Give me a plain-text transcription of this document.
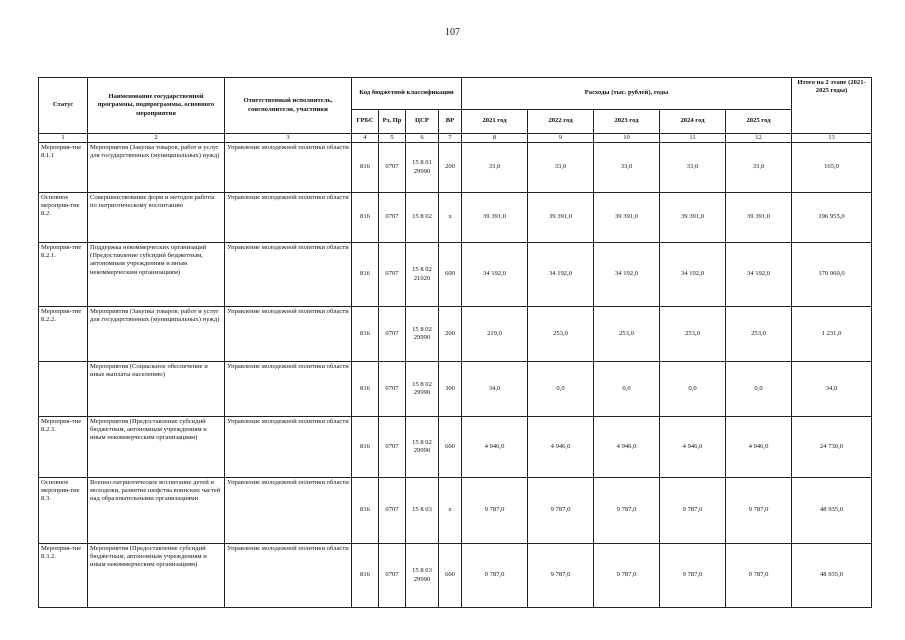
107
Статус	Наименование государственной программы, подпрограммы, основного мероприятия	Ответственный исполнитель, соисполнители, участники	Код бюджетной классификации				Расходы (тыс. рублей), годы					Итого на 2 этапе (2021-2025 годы)
			ГРБС	Рз, Пр	ЦСР	ВР	2021 год	2022 год	2023 год	2024 год	2025 год	
1	2	3	4	5	6	7	8	9	10	11	12	13
Мероприя-тие 8.1.1	Мероприятия (Закупка товаров, работ и услуг для государственных (муниципальных) нужд)	Управление молодежной политики области	816	0707	15 8 01 29990	200	33,0	33,0	33,0	33,0	33,0	165,0
Основное мероприя-тие 8.2.	Совершенствование форм и методов работы по патриотическому воспитанию	Управление молодежной политики области	816	0707	15 8 02	х	39 391,0	39 391,0	39 391,0	39 391,0	39 391,0	196 955,0
Мероприя-тие 8.2.1.	Поддержка некоммерческих организаций (Предоставление субсидий бюджетным, автономным учреждениям и иным некоммерческим организациям)	Управление молодежной политики области	816	0707	15 8 02 21020	600	34 192,0	34 192,0	34 192,0	34 192,0	34 192,0	170 960,0
Мероприя-тие 8.2.2.	Мероприятия (Закупка товаров, работ и услуг для государственных (муниципальных) нужд)	Управление молодежной политики области	816	0707	15 8 02 29990	200	219,0	253,0	253,0	253,0	253,0	1 231,0
	Мероприятия (Социальное обеспечение и иные выплаты населению)	Управление молодежной политики области	816	0707	15 8 02 29990	300	34,0	0,0	0,0	0,0	0,0	34,0
Мероприя-тие 8.2.3.	Мероприятия (Предоставление субсидий бюджетным, автономным учреждениям и иным некоммерческим организациям)	Управление молодежной политики области	816	0707	15 8 02 29990	600	4 946,0	4 946,0	4 946,0	4 946,0	4 946,0	24 730,0
Основное мероприя-тие 8.3.	Военно-патриотическое воспитание детей и молодежи, развитие шефства воинских частей над образовательными организациями	Управление молодежной политики области	816	0707	15 8 03	х	9 787,0	9 787,0	9 787,0	9 787,0	9 787,0	48 935,0
Мероприя-тие 8.3.2.	Мероприятия (Предоставление субсидий бюджетным, автономным учреждениям и иным некоммерческим организациям)	Управление молодежной политики области	816	0707	15 8 03 29990	600	9 787,0	9 787,0	9 787,0	9 787,0	9 787,0	48 935,0
